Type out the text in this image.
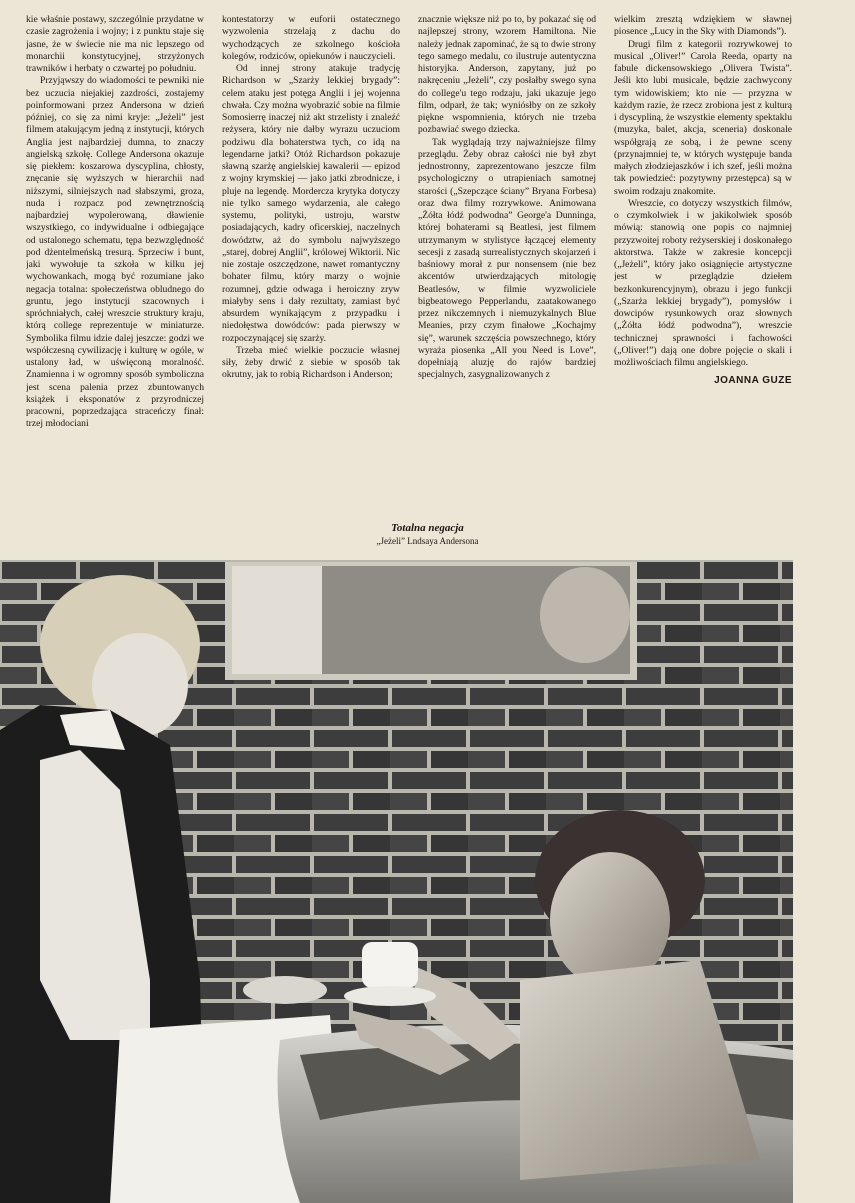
kie właśnie postawy, szczególnie przydatne w czasie zagrożenia i wojny; i z punktu staje się jasne, że w świecie nie ma nic lepszego od monarchii konstytucyjnej, strzyżonych trawników i herbaty o czwartej po południu.

Przyjąwszy do wiadomości te pewniki nie bez uczucia niejakiej zazdrości, zostajemy poinformowani przez Andersona w dzień później, co się za nimi kryje: „Jeżeli” jest filmem atakującym jedną z instytucji, których Anglia jest najbardziej dumna, to znaczy angielską szkołę. College Andersona okazuje się piekłem: koszarowa dyscyplina, chłosty, znęcanie się wyższych w hierarchii nad niższymi, silniejszych nad słabszymi, groza, nuda i rozpacz pod zewnętrznością najbardziej wypolerowaną, dławienie wszystkiego, co indywidualne i odbiegające od ustalonego schematu, tępa bezwzględność pod dżentelmeńską tresurą. Sprzeciw i bunt, jaki wywołuje ta szkoła w kilku jej wychowankach, mogą być rozumiane jako negacja totalna: społeczeństwa obludnego do gruntu, jego instytucji szacownych i spróchniałych, całej wreszcie struktury kraju, którą college reprezentuje w miniaturze. Symbolika filmu idzie dalej jeszcze: godzi we współczesną cywilizację i kulturę w ogóle, w ustalony ład, w uświęconą moralność. Znamienna i w ogromny sposób symboliczna jest scena palenia przez zbuntowanych książek i eksponatów z przyrodniczej pracowni, poprzedzająca straceńczy finał: trzej młodociani

kontestatorzy w euforii ostatecznego wyzwolenia strzelają z dachu do wychodzących ze szkolnego kościoła kolegów, rodziców, opiekunów i nauczycieli.

Od innej strony atakuje tradycję Richardson w „Szarży lekkiej brygady”: celem ataku jest potęga Anglii i jej wojenna chwała. Czy można wyobrazić sobie na filmie Somosierrę inaczej niż akt strzelisty i znaleźć reżysera, który nie dałby wyrazu uczuciom podziwu dla bohaterstwa tych, co idą na legendarne jatki? Otóż Richardson pokazuje sławną szarżę angielskiej kawalerii — epizod z wojny krymskiej — jako jatki zbrodnicze, i pluje na legendę. Mordercza krytyka dotyczy nie tylko samego wydarzenia, ale całego systemu, polityki, ustroju, warstw posiadających, kadry oficerskiej, naczelnych dowództw, aż do symbolu najwyższego „starej, dobrej Anglii”, królowej Wiktorii. Nic nie zostaje oszczędzone, nawet romantyczny bohater filmu, który marzy o wojnie rozumnej, gdzie odwaga i heroiczny zryw miałyby sens i dały rezultaty, zamiast być absurdem wynikającym z przypadku i niedołęstwa dowódców: pada pierwszy w rozpoczynającej się szarży.

Trzeba mieć wielkie poczucie własnej siły, żeby drwić z siebie w sposób tak okrutny, jak to robią Richardson i Anderson;

znacznie większe niż po to, by pokazać się od najlepszej strony, wzorem Hamiltona. Nie należy jednak zapominać, że są to dwie strony tego samego medalu, co ilustruje autentyczna historyjka. Anderson, zapytany, już po nakręceniu „Jeżeli”, czy posłałby swego syna do college'u tego rodzaju, jaki ukazuje jego film, odparł, że tak; wyniósłby on ze szkoły piękne wspomnienia, których nie trzeba pozbawiać swego dziecka.

Tak wyglądają trzy najważniejsze filmy przeglądu. Żeby obraz całości nie był zbyt jednostronny, zaprezentowano jeszcze film psychologiczny o utrapieniach samotnej starości („Szepczące ściany” Bryana Forbesa) oraz dwa filmy rozrywkowe. Animowana „Żółta łódź podwodna” George'a Dunninga, której bohaterami są Beatlesi, jest filmem utrzymanym w stylistyce łączącej elementy secesji z zasadą surrealistycznych skojarzeń i baśniowy morał z pur nonsensem (nie bez akcentów utwierdzających mitologię Beatlesów, w filmie wyzwoliciele bigbeatowego Pepperlandu, zaatakowanego przez nikczemnych i niemuzykalnych Blue Meanies, przy czym finałowe „Kochajmy się”, warunek szczęścia powszechnego, który wyraża piosenka „All you Need is Love”, dopełniają aluzję do rajów bardziej specjalnych, zasygnalizowanych z

wielkim zresztą wdziękiem w sławnej piosence „Lucy in the Sky with Diamonds”).

Drugi film z kategorii rozrywkowej to musical „Oliver!” Carola Reeda, oparty na fabule dickensowskiego „Olivera Twista”. Jeśli kto lubi musicale, będzie zachwycony tym widowiskiem; kto nie — przyzna w każdym razie, że rzecz zrobiona jest z kulturą i dyscypliną, że wszystkie elementy spektaklu (muzyka, balet, akcja, sceneria) doskonale współgrają ze sobą, i że pewne sceny (przynajmniej te, w których występuje banda małych złodziejaszków i ich szef, jeśli można tak powiedzieć: pozytywny przestępca) są w swoim rodzaju znakomite.

Wreszcie, co dotyczy wszystkich filmów, o czymkolwiek i w jakikolwiek sposób mówią: stanowią one popis co najmniej przyzwoitej roboty reżyserskiej i doskonałego aktorstwa. Także w zakresie koncepcji („Jeżeli”, który jako osiągnięcie artystyczne jest w przeglądzie dziełem bezkonkurencyjnym), obrazu i jego funkcji („Szarża lekkiej brygady”), pomysłów i dowcipów rysunkowych oraz słownych („Żółta łódź podwodna”), wreszcie technicznej sprawności i fachowości („Oliver!”) dają one dobre pojęcie o skali i możliwościach filmu angielskiego.

JOANNA GUZE
Totalna negacja
„Jeżeli” Lndsaya Andersona
